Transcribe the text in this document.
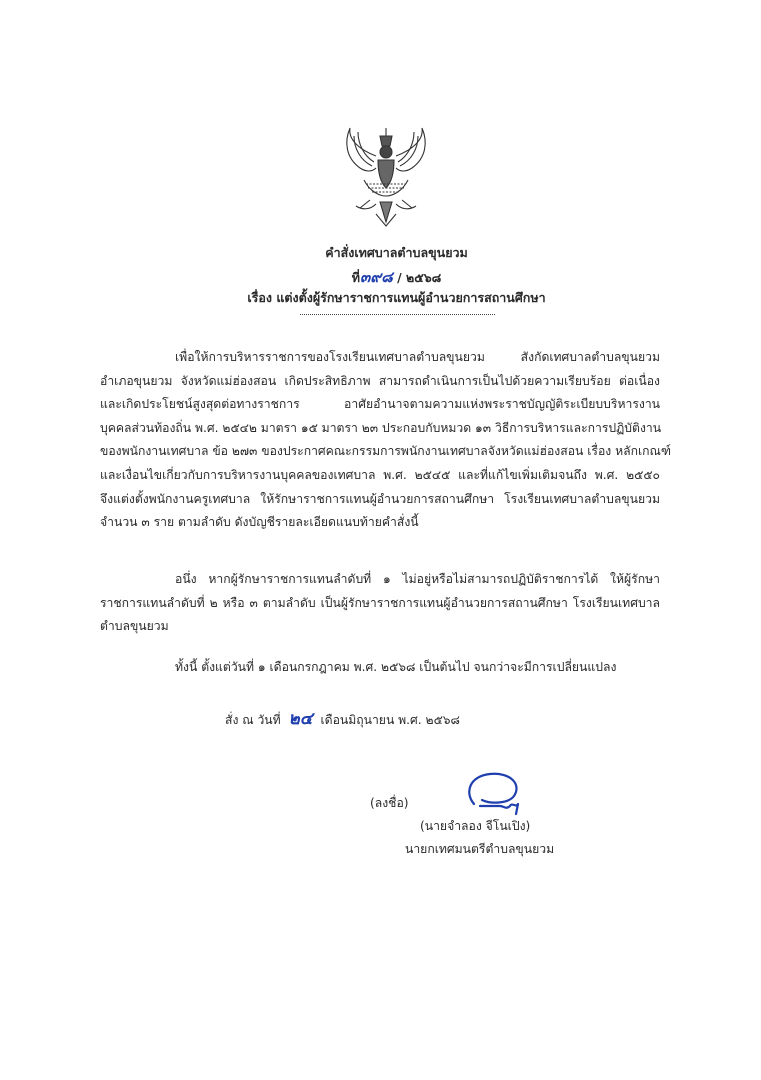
คำสั่งเทศบาลตำบลขุนยวม
ที่๓๙๘ / ๒๕๖๘
เรื่อง แต่งตั้งผู้รักษาราชการแทนผู้อำนวยการสถานศึกษา
เพื่อให้การบริหารราชการของโรงเรียนเทศบาลตำบลขุนยวม สังกัดเทศบาลตำบลขุนยวม
อำเภอขุนยวม จังหวัดแม่ฮ่องสอน เกิดประสิทธิภาพ สามารถดำเนินการเป็นไปด้วยความเรียบร้อย ต่อเนื่อง
และเกิดประโยชน์สูงสุดต่อทางราชการ อาศัยอำนาจตามความแห่งพระราชบัญญัติระเบียบบริหารงาน
บุคคลส่วนท้องถิ่น พ.ศ. ๒๕๔๒ มาตรา ๑๕ มาตรา ๒๓ ประกอบกับหมวด ๑๓ วิธีการบริหารและการปฏิบัติงาน
ของพนักงานเทศบาล ข้อ ๒๗๓ ของประกาศคณะกรรมการพนักงานเทศบาลจังหวัดแม่ฮ่องสอน เรื่อง หลักเกณฑ์
และเงื่อนไขเกี่ยวกับการบริหารงานบุคคลของเทศบาล พ.ศ. ๒๕๔๕ และที่แก้ไขเพิ่มเติมจนถึง พ.ศ. ๒๕๕๐
จึงแต่งตั้งพนักงานครูเทศบาล ให้รักษาราชการแทนผู้อำนวยการสถานศึกษา โรงเรียนเทศบาลตำบลขุนยวม
จำนวน ๓ ราย ตามลำดับ ดังบัญชีรายละเอียดแนบท้ายคำสั่งนี้
อนึ่ง หากผู้รักษาราชการแทนลำดับที่ ๑ ไม่อยู่หรือไม่สามารถปฏิบัติราชการได้ ให้ผู้รักษา
ราชการแทนลำดับที่ ๒ หรือ ๓ ตามลำดับ เป็นผู้รักษาราชการแทนผู้อำนวยการสถานศึกษา โรงเรียนเทศบาล
ตำบลขุนยวม
ทั้งนี้ ตั้งแต่วันที่ ๑ เดือนกรกฎาคม พ.ศ. ๒๕๖๘ เป็นต้นไป จนกว่าจะมีการเปลี่ยนแปลง
สั่ง ณ วันที่ ๒๔ เดือนมิถุนายน พ.ศ. ๒๕๖๘
(ลงชื่อ)
(นายจำลอง จีโนเปิง)
นายกเทศมนตรีตำบลขุนยวม
